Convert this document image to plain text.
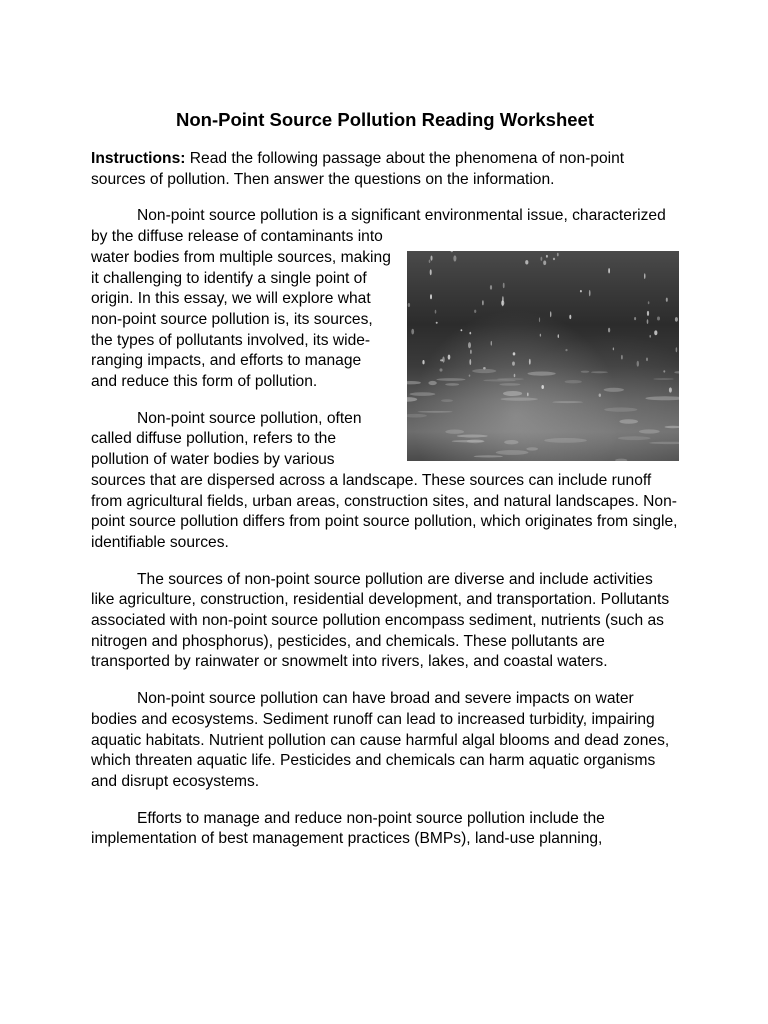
Non-Point Source Pollution Reading Worksheet

Instructions: Read the following passage about the phenomena of non-point sources of pollution. Then answer the questions on the information.

Non-point source pollution is a significant environmental issue,
characterized by the diffuse release of contaminants into water bodies from multiple sources, making it challenging to identify a single point of origin. In this essay, we will explore what non-point source pollution is, its sources, the types of pollutants involved, its wide-ranging impacts, and efforts to manage and reduce this form of pollution.

Non-point source pollution, often called diffuse pollution, refers to the pollution of water bodies by various sources that are dispersed across a landscape. These sources can include runoff from agricultural fields, urban areas, construction sites, and natural landscapes. Non-point source pollution differs from point source pollution, which originates from single, identifiable sources.

The sources of non-point source pollution are diverse and include activities like agriculture, construction, residential development, and transportation. Pollutants associated with non-point source pollution encompass sediment, nutrients (such as nitrogen and phosphorus), pesticides, and chemicals. These pollutants are transported by rainwater or snowmelt into rivers, lakes, and coastal waters.

Non-point source pollution can have broad and severe impacts on water bodies and ecosystems. Sediment runoff can lead to increased turbidity, impairing aquatic habitats. Nutrient pollution can cause harmful algal blooms and dead zones, which threaten aquatic life. Pesticides and chemicals can harm aquatic organisms and disrupt ecosystems.

Efforts to manage and reduce non-point source pollution include the implementation of best management practices (BMPs), land-use planning,
